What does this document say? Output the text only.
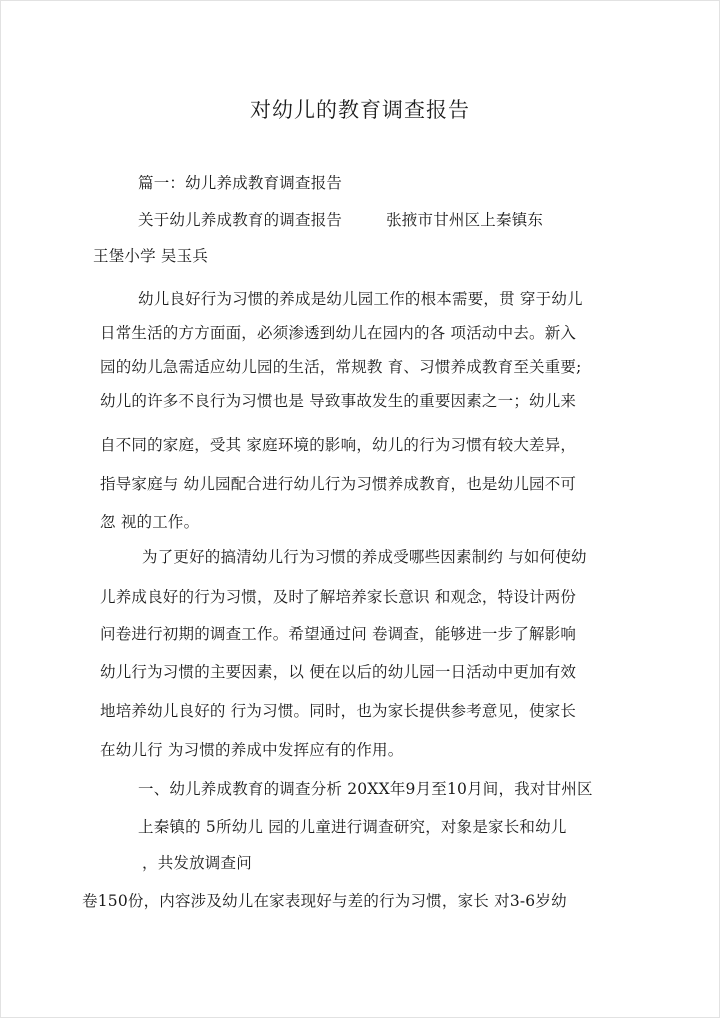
对幼儿的教育调查报告
篇一：幼儿养成教育调查报告
关于幼儿养成教育的调查报告	张掖市甘州区上秦镇东
王堡小学 吴玉兵
幼儿良好行为习惯的养成是幼儿园工作的根本需要，贯 穿于幼儿
日常生活的方方面面，必须渗透到幼儿在园内的各 项活动中去。新入
园的幼儿急需适应幼儿园的生活，常规教 育、习惯养成教育至关重要;
幼儿的许多不良行为习惯也是 导致事故发生的重要因素之一；幼儿来
自不同的家庭，受其 家庭环境的影响，幼儿的行为习惯有较大差异，
指导家庭与 幼儿园配合进行幼儿行为习惯养成教育，也是幼儿园不可
忽 视的工作。
为了更好的搞清幼儿行为习惯的养成受哪些因素制约 与如何使幼
儿养成良好的行为习惯，及时了解培养家长意识 和观念，特设计两份
问卷进行初期的调查工作。希望通过问 卷调查，能够进一步了解影响
幼儿行为习惯的主要因素，以 便在以后的幼儿园一日活动中更加有效
地培养幼儿良好的 行为习惯。同时，也为家长提供参考意见，使家长
在幼儿行 为习惯的养成中发挥应有的作用。
一、幼儿养成教育的调查分析 20XX年9月至10月间，我对甘州区
上秦镇的 5所幼儿 园的儿童进行调查研究，对象是家长和幼儿
，共发放调查问
卷150份，内容涉及幼儿在家表现好与差的行为习惯，家长 对3-6岁幼
